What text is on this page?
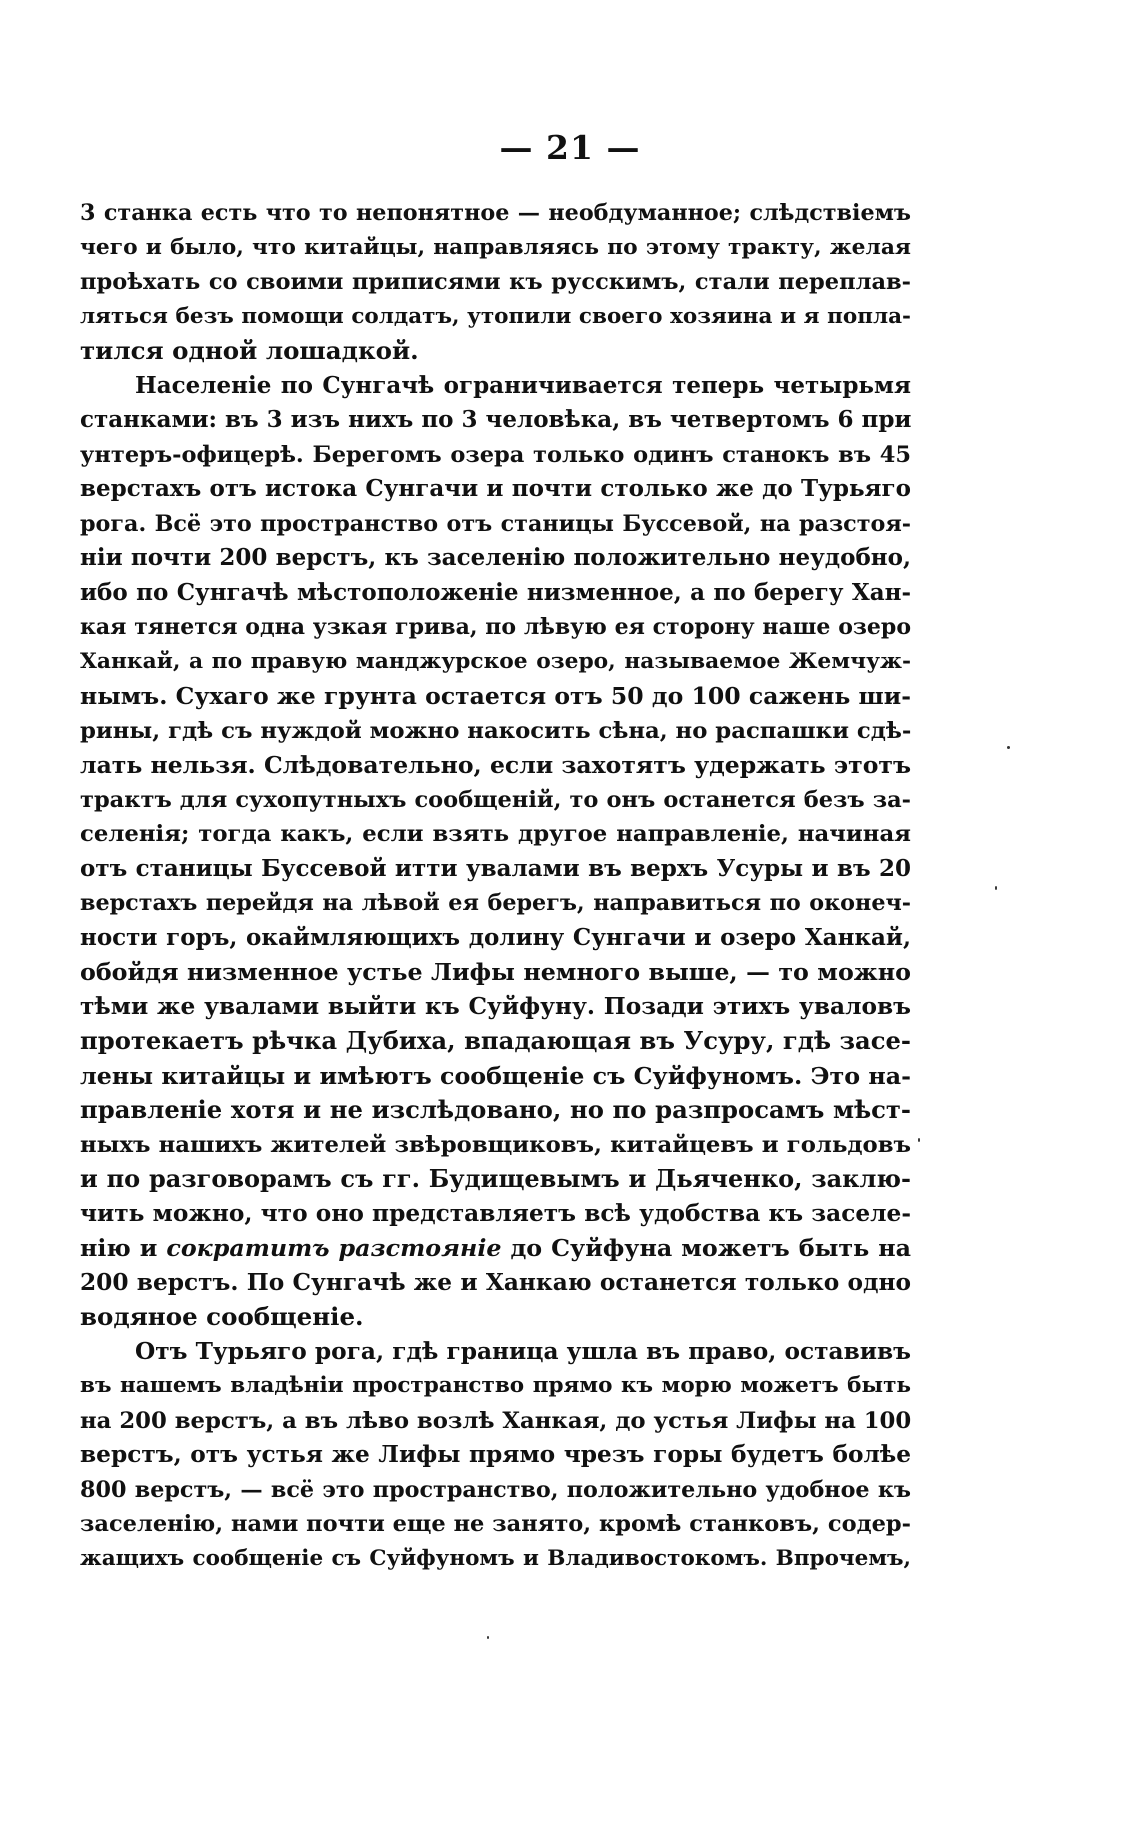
— 21 —
3 станка есть что то непонятное — необдуманное; слѣдствіемъ
чего и было, что китайцы, направляясь по этому тракту, желая
проѣхать со своими приписями къ русскимъ, стали переплав-
ляться безъ помощи солдатъ, утопили своего хозяина и я попла-
тился одной лошадкой.
Населеніе по Сунгачѣ ограничивается теперь четырьмя
станками: въ 3 изъ нихъ по 3 человѣка, въ четвертомъ 6 при
унтеръ-офицерѣ. Берегомъ озера только одинъ станокъ въ 45
верстахъ отъ истока Сунгачи и почти столько же до Турьяго
рога. Всё это пространство отъ станицы Буссевой, на разстоя-
ніи почти 200 верстъ, къ заселенію положительно неудобно,
ибо по Сунгачѣ мѣстоположеніе низменное, а по берегу Хан-
кая тянется одна узкая грива, по лѣвую ея сторону наше озеро
Ханкай, а по правую манджурское озеро, называемое Жемчуж-
нымъ. Сухаго же грунта остается отъ 50 до 100 сажень ши-
рины, гдѣ съ нуждой можно накосить сѣна, но распашки сдѣ-
лать нельзя. Слѣдовательно, если захотятъ удержать этотъ
трактъ для сухопутныхъ сообщеній, то онъ останется безъ за-
селенія; тогда какъ, если взять другое направленіе, начиная
отъ станицы Буссевой итти увалами въ верхъ Усуры и въ 20
верстахъ перейдя на лѣвой ея берегъ, направиться по оконеч-
ности горъ, окаймляющихъ долину Сунгачи и озеро Ханкай,
обойдя низменное устье Лифы немного выше, — то можно
тѣми же увалами выйти къ Суйфуну. Позади этихъ уваловъ
протекаетъ рѣчка Дубиха, впадающая въ Усуру, гдѣ засе-
лены китайцы и имѣютъ сообщеніе съ Суйфуномъ. Это на-
правленіе хотя и не изслѣдовано, но по разпросамъ мѣст-
ныхъ нашихъ жителей звѣровщиковъ, китайцевъ и гольдовъ
и по разговорамъ съ гг. Будищевымъ и Дьяченко, заклю-
чить можно, что оно представляетъ всѣ удобства къ заселе-
нію и сократитъ разстояніе до Суйфуна можетъ быть на
200 верстъ. По Сунгачѣ же и Ханкаю останется только одно
водяное сообщеніе.
Отъ Турьяго рога, гдѣ граница ушла въ право, оставивъ
въ нашемъ владѣніи пространство прямо къ морю можетъ быть
на 200 верстъ, а въ лѣво возлѣ Ханкая, до устья Лифы на 100
верстъ, отъ устья же Лифы прямо чрезъ горы будетъ болѣе
800 верстъ, — всё это пространство, положительно удобное къ
заселенію, нами почти еще не занято, кромѣ станковъ, содер-
жащихъ сообщеніе съ Суйфуномъ и Владивостокомъ. Впрочемъ,
